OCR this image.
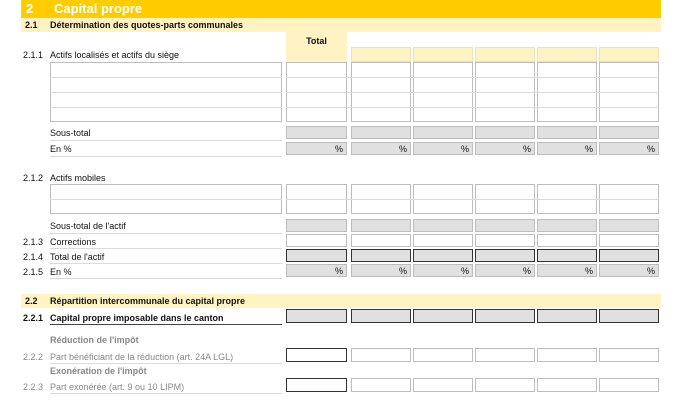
2 Capital propre
2.1 Détermination des quotes-parts communales
Total
2.1.1 Actifs localisés et actifs du siège
Sous-total
En %	%	%	%	%	%	%
2.1.2 Actifs mobiles
Sous-total de l'actif
2.1.3 Corrections
2.1.4 Total de l'actif
2.1.5 En %	%	%	%	%	%	%
2.2 Répartition intercommunale du capital propre
2.2.1 Capital propre imposable dans le canton
Réduction de l'impôt
2.2.2 Part bénéficiant de la réduction (art. 24A LGL)
Exonération de l'impôt
2.2.3 Part exonérée (art. 9 ou 10 LIPM)
